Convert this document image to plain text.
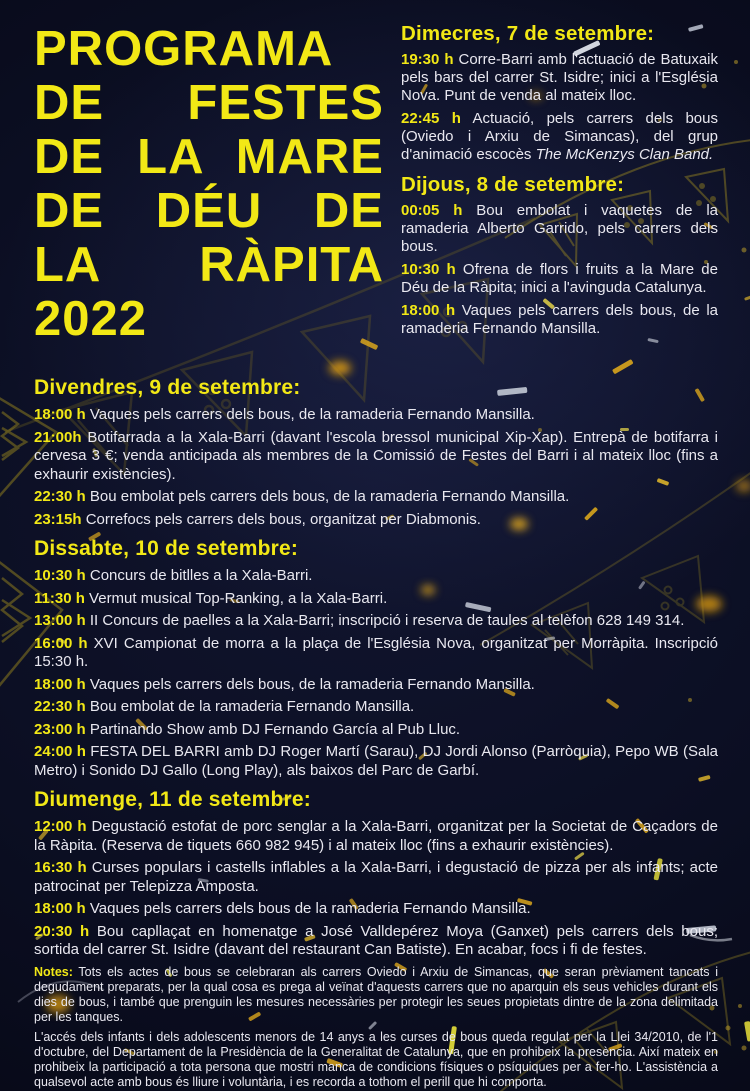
PROGRAMA
DE FESTES
DE LA MARE
DE DÉU DE
LA RÀPITA
2022
Dimecres, 7 de setembre:

19:30 h Corre-Barri amb l'actuació de Batuxaik pels bars del carrer St. Isidre; inici a l'Església Nova. Punt de venda al mateix lloc.

22:45 h Actuació, pels carrers dels bous (Oviedo i Arxiu de Simancas), del grup d'animació escocès The McKenzys Clan Band.

Dijous, 8 de setembre:

00:05 h Bou embolat i vaquetes de la ramaderia Alberto Garrido, pels carrers dels bous.

10:30 h Ofrena de flors i fruits a la Mare de Déu de la Ràpita; inici a l'avinguda Catalunya.

18:00 h Vaques pels carrers dels bous, de la ramaderia Fernando Mansilla.

Divendres, 9 de setembre:

18:00 h Vaques pels carrers dels bous, de la ramaderia Fernando Mansilla.

21:00h Botifarrada a la Xala-Barri (davant l'escola bressol municipal Xip-Xap). Entrepà de botifarra i cervesa 3 €; venda anticipada als membres de la Comissió de Festes del Barri i al mateix lloc (fins a exhaurir existències).

22:30 h Bou embolat pels carrers dels bous, de la ramaderia Fernando Mansilla.

23:15h Correfocs pels carrers dels bous, organitzat per Diabmonis.

Dissabte, 10 de setembre:

10:30 h Concurs de bitlles a la Xala-Barri.

11:30 h Vermut musical Top-Ranking, a la Xala-Barri.

13:00 h II Concurs de paelles a la Xala-Barri; inscripció i reserva de taules al telèfon 628 149 314.

16:00 h XVI Campionat de morra a la plaça de l'Església Nova, organitzat per Morràpita. Inscripció 15:30 h.

18:00 h Vaques pels carrers dels bous, de la ramaderia Fernando Mansilla.

22:30 h Bou embolat de la ramaderia Fernando Mansilla.

23:00 h Partinando Show amb DJ Fernando García al Pub Lluc.

24:00 h FESTA DEL BARRI amb DJ Roger Martí (Sarau), DJ Jordi Alonso (Parròquia), Pepo WB (Sala Metro) i Sonido DJ Gallo (Long Play), als baixos del Parc de Garbí.

Diumenge, 11 de setembre:

12:00 h Degustació estofat de porc senglar a la Xala-Barri, organitzat per la Societat de Caçadors de la Ràpita. (Reserva de tiquets 660 982 945) i al mateix lloc (fins a exhaurir existències).

16:30 h Curses populars i castells inflables a la Xala-Barri, i degustació de pizza per als infants; acte patrocinat per Telepizza Amposta.

18:00 h Vaques pels carrers dels bous de la ramaderia Fernando Mansilla.

20:30 h Bou capllaçat en homenatge a José Valldepérez Moya (Ganxet) pels carrers dels bous; sortida del carrer St. Isidre (davant del restaurant Can Batiste). En acabar, focs i fi de festes.

Notes: Tots els actes de bous se celebraran als carrers Oviedo i Arxiu de Simancas, que seran prèviament tancats i degudament preparats, per la qual cosa es prega al veïnat d'aquests carrers que no aparquin els seus vehicles durant els dies de bous, i també que prenguin les mesures necessàries per protegir les seues propietats dintre de la zona delimitada per les tanques.

L'accés dels infants i dels adolescents menors de 14 anys a les curses de bous queda regulat per la Llei 34/2010, de l'1 d'octubre, del Departament de la Presidència de la Generalitat de Catalunya, que en prohibeix la presència. Així mateix en prohibeix la participació a tota persona que mostri manca de condicions físiques o psíquiques per a fer-ho. L'assistència a qualsevol acte amb bous és lliure i voluntària, i es recorda a tothom el perill que hi comporta.
